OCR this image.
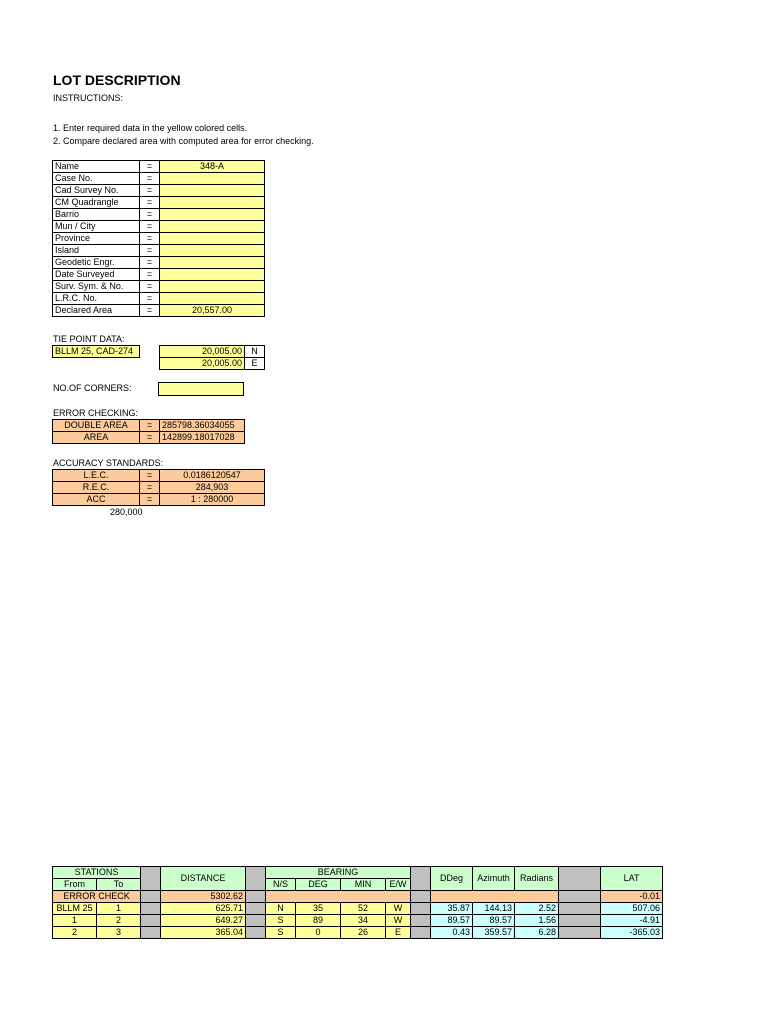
LOT DESCRIPTION
INSTRUCTIONS:
1. Enter required data in the yellow colored cells.
2. Compare declared area with computed area for error checking.
Name	=	348-A
Case No.	=	
Cad Survey No.	=	
CM Quadrangle	=	
Barrio	=	
Mun / City	=	
Province	=	
Island	=	
Geodetic Engr.	=	
Date Surveyed	=	
Surv. Sym. & No.	=	
L.R.C. No.	=	
Declared Area	=	20,557.00
TIE POINT DATA:
BLLM 25, CAD-274		20,005.00	N
		20,005.00	E
NO.OF CORNERS:
ERROR CHECKING:
DOUBLE AREA	=	285798.36034055
AREA	=	142899.18017028
ACCURACY STANDARDS:
L.E.C.	=	0.0186120547
R.E.C.	=	284,903
ACC	=	1 : 280000
280,000
STATIONS			DISTANCE		BEARING					DDeg	Azimuth	Radians		LAT
From	To				N/S	DEG	MIN	E/W						
ERROR CHECK			5302.62											-0.01
BLLM 25	1		625.71		N	35	52	W		35.87	144.13	2.52		507.06
1	2		649.27		S	89	34	W		89.57	89.57	1.56		-4.91
2	3		365.04		S	0	26	E		0.43	359.57	6.28		-365.03
